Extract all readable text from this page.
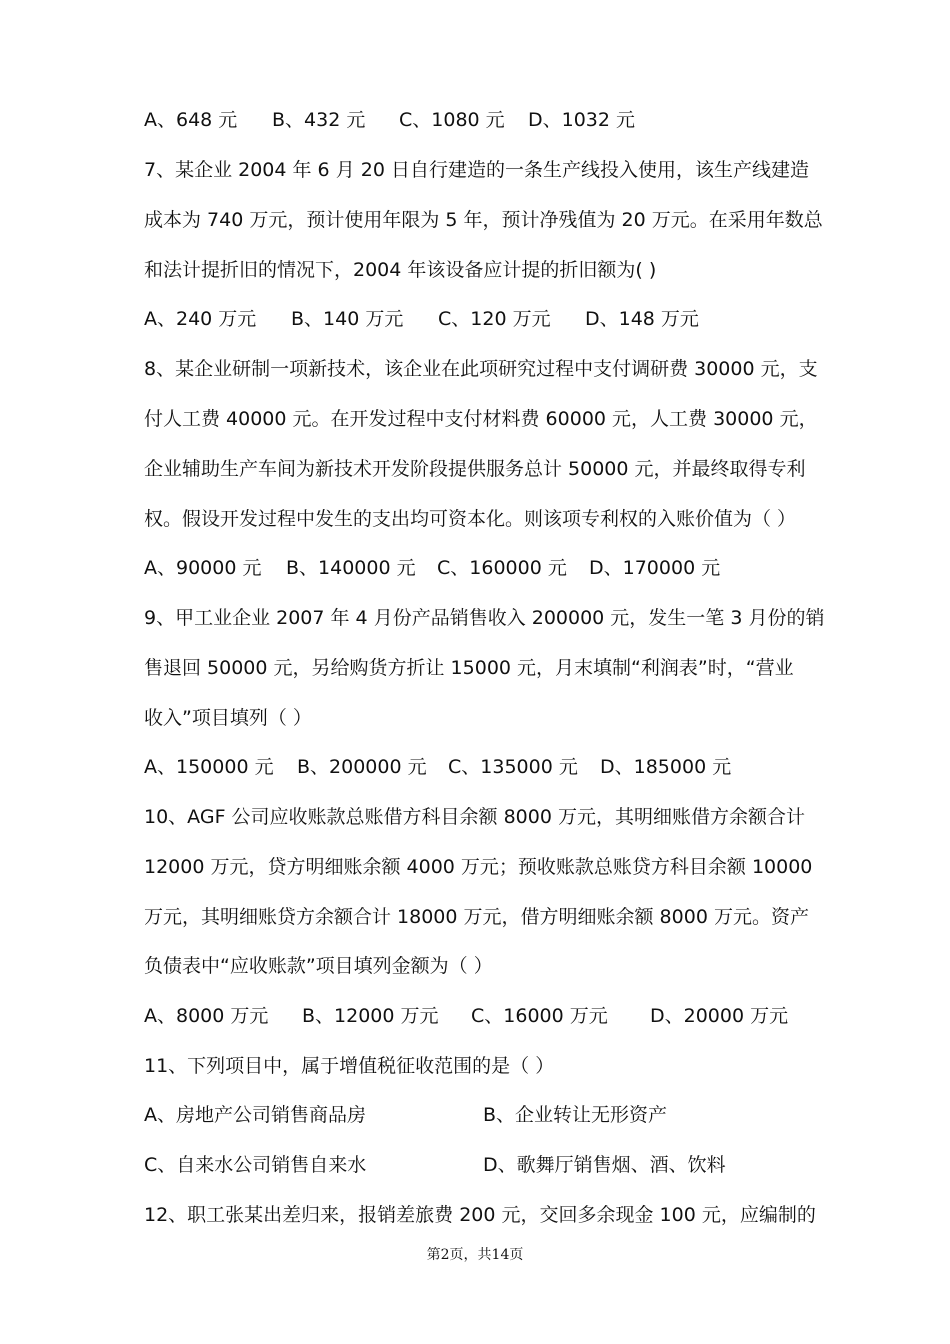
A、648 元 B、432 元 C、1080 元 D、1032 元
7、某企业 2004 年 6 月 20 日自行建造的一条生产线投入使用，该生产线建造
成本为 740 万元，预计使用年限为 5 年，预计净残值为 20 万元。在采用年数总
和法计提折旧的情况下，2004 年该设备应计提的折旧额为( )
A、240 万元 B、140 万元 C、120 万元 D、148 万元
8、某企业研制一项新技术，该企业在此项研究过程中支付调研费 30000 元，支
付人工费 40000 元。在开发过程中支付材料费 60000 元，人工费 30000 元，
企业辅助生产车间为新技术开发阶段提供服务总计 50000 元，并最终取得专利
权。假设开发过程中发生的支出均可资本化。则该项专利权的入账价值为（ ）
A、90000 元 B、140000 元 C、160000 元 D、170000 元
9、甲工业企业 2007 年 4 月份产品销售收入 200000 元，发生一笔 3 月份的销
售退回 50000 元，另给购货方折让 15000 元，月末填制“利润表”时，“营业
收入”项目填列（ ）
A、150000 元 B、200000 元 C、135000 元 D、185000 元
10、AGF 公司应收账款总账借方科目余额 8000 万元，其明细账借方余额合计
12000 万元，贷方明细账余额 4000 万元；预收账款总账贷方科目余额 10000
万元，其明细账贷方余额合计 18000 万元，借方明细账余额 8000 万元。资产
负债表中“应收账款”项目填列金额为（ ）
A、8000 万元 B、12000 万元 C、16000 万元 D、20000 万元
11、下列项目中，属于增值税征收范围的是（ ）
A、房地产公司销售商品房	B、企业转让无形资产
C、自来水公司销售自来水	D、歌舞厅销售烟、酒、饮料
12、职工张某出差归来，报销差旅费 200 元，交回多余现金 100 元，应编制的
第2页，共14页
